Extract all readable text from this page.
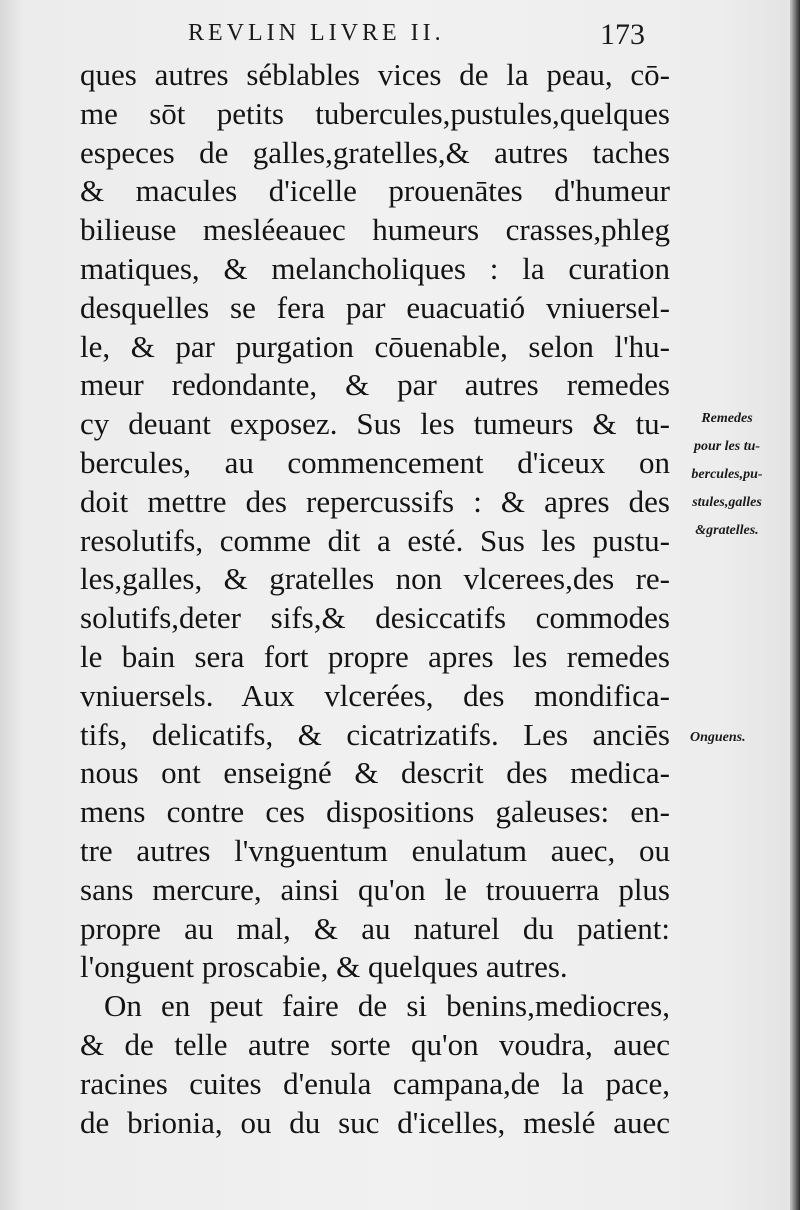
REVLIN LIVRE II.	173
ques autres séblables vices de la peau, cō-
me sōt petits tubercules,pustules,quelques
especes de galles,gratelles,& autres taches
& macules d'icelle prouenātes d'humeur
bilieuse mesléeauec humeurs crasses,phleg
matiques, & melancholiques : la curation
desquelles se fera par euacuatió vniuersel-
le, & par purgation cōuenable, selon l'hu-
meur redondante, & par autres remedes
cy deuant exposez. Sus les tumeurs & tu-
bercules, au commencement d'iceux on
doit mettre des repercussifs : & apres des
resolutifs, comme dit a esté. Sus les pustu-
les,galles, & gratelles non vlcerees,des re-
solutifs,deter sifs,& desiccatifs commodes
le bain sera fort propre apres les remedes
vniuersels. Aux vlcerées, des mondifica-
tifs, delicatifs, & cicatrizatifs. Les anciēs
nous ont enseigné & descrit des medica-
mens contre ces dispositions galeuses: en-
tre autres l'vnguentum enulatum auec, ou
sans mercure, ainsi qu'on le trouuerra plus
propre au mal, & au naturel du patient:
l'onguent proscabie, & quelques autres.
On en peut faire de si benins,mediocres,
& de telle autre sorte qu'on voudra, auec
racines cuites d'enula campana,de la pace,
de brionia, ou du suc d'icelles, meslé auec
Remedes
pour les tu-
bercules,pu-
stules,galles
&gratelles.
Onguens.
